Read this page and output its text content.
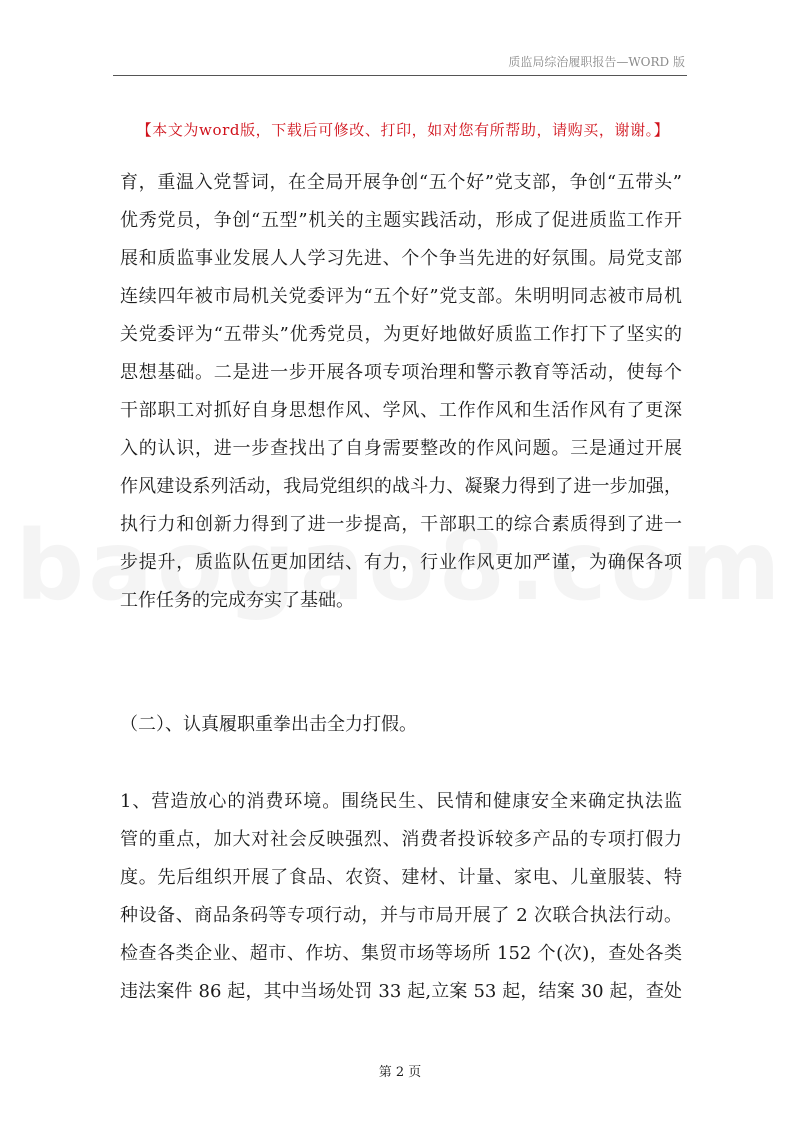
质监局综治履职报告—WORD 版
【本文为word版，下载后可修改、打印，如对您有所帮助，请购买，谢谢。】
育，重温入党誓词，在全局开展争创“五个好”党支部，争创“五带头”
优秀党员，争创“五型”机关的主题实践活动，形成了促进质监工作开
展和质监事业发展人人学习先进、个个争当先进的好氛围。局党支部
连续四年被市局机关党委评为“五个好”党支部。朱明明同志被市局机
关党委评为“五带头”优秀党员，为更好地做好质监工作打下了坚实的
思想基础。二是进一步开展各项专项治理和警示教育等活动，使每个
干部职工对抓好自身思想作风、学风、工作作风和生活作风有了更深
入的认识，进一步查找出了自身需要整改的作风问题。三是通过开展
作风建设系列活动，我局党组织的战斗力、凝聚力得到了进一步加强，
执行力和创新力得到了进一步提高，干部职工的综合素质得到了进一
步提升，质监队伍更加团结、有力，行业作风更加严谨，为确保各项
工作任务的完成夯实了基础。
（二）、认真履职重拳出击全力打假。
1、营造放心的消费环境。围绕民生、民情和健康安全来确定执法监
管的重点，加大对社会反映强烈、消费者投诉较多产品的专项打假力
度。先后组织开展了食品、农资、建材、计量、家电、儿童服装、特
种设备、商品条码等专项行动，并与市局开展了 2 次联合执法行动。
检查各类企业、超市、作坊、集贸市场等场所 152 个(次)，查处各类
违法案件 86 起，其中当场处罚 33 起,立案 53 起，结案 30 起，查处
第 2 页
